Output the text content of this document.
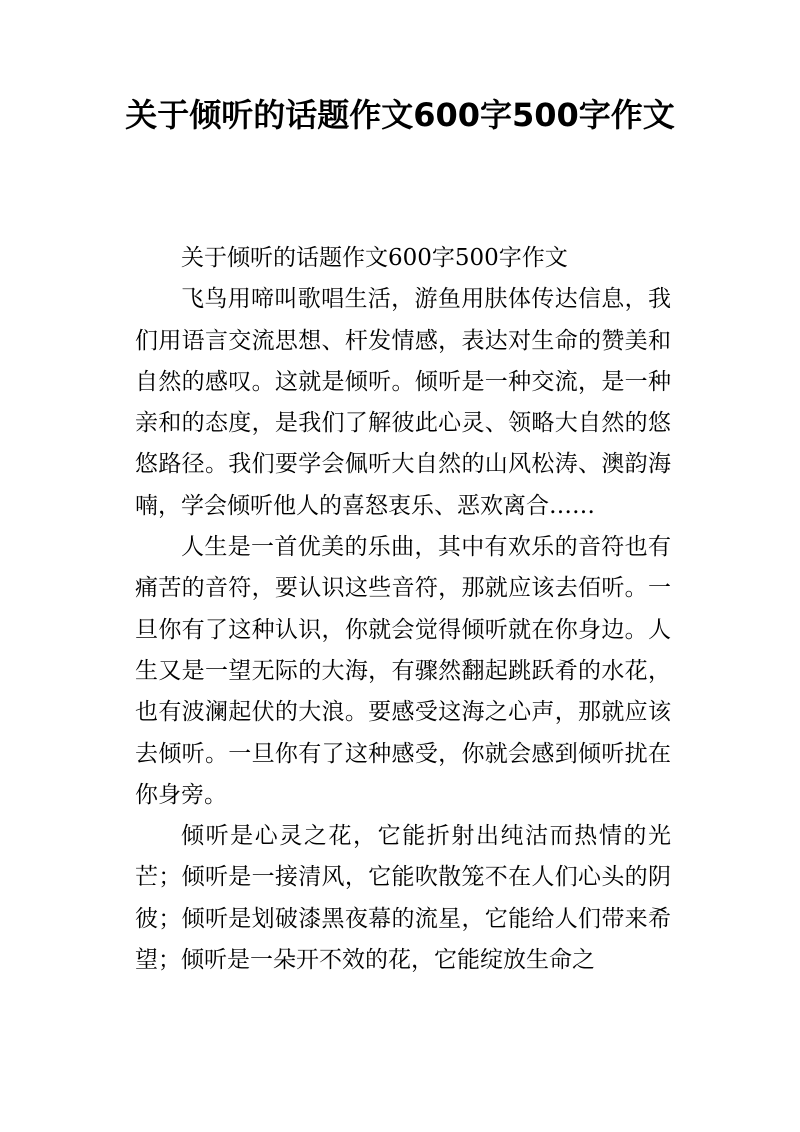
关于倾听的话题作文600字500字作文

关于倾听的话题作文600字500字作文

飞鸟用啼叫歌唱生活，游鱼用肤体传达信息，我们用语言交流思想、杆发情感，表达对生命的赞美和自然的感叹。这就是倾听。倾听是一种交流，是一种亲和的态度，是我们了解彼此心灵、领略大自然的悠悠路径。我们要学会佩听大自然的山风松涛、澳韵海喃，学会倾听他人的喜怒衷乐、恶欢离合……

人生是一首优美的乐曲，其中有欢乐的音符也有痛苦的音符，要认识这些音符，那就应该去佰听。一旦你有了这种认识，你就会觉得倾听就在你身边。人生又是一望无际的大海，有骤然翻起跳跃肴的水花，也有波澜起伏的大浪。要感受这海之心声，那就应该去倾听。一旦你有了这种感受，你就会感到倾听扰在你身旁。

倾听是心灵之花，它能折射出纯沽而热情的光芒；倾听是一接清风，它能吹散笼不在人们心头的阴彼；倾听是划破漆黑夜幕的流星，它能给人们带来希望；倾听是一朵开不效的花，它能绽放生命之
